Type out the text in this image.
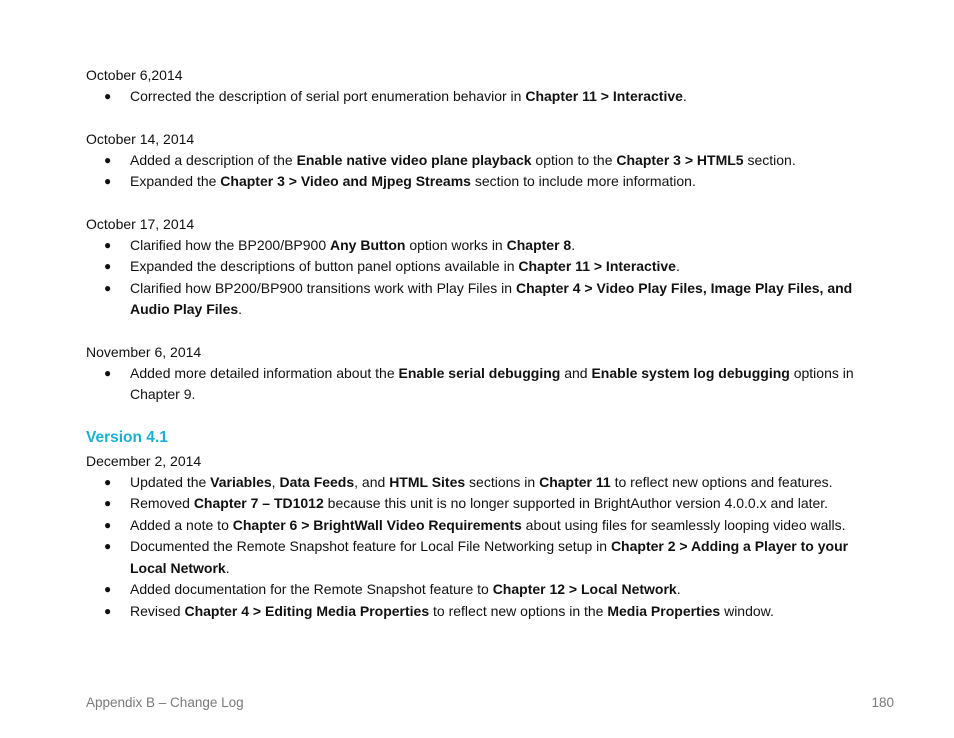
October 6,2014
● Corrected the description of serial port enumeration behavior in Chapter 11 > Interactive.
October 14, 2014
● Added a description of the Enable native video plane playback option to the Chapter 3 > HTML5 section.
● Expanded the Chapter 3 > Video and Mjpeg Streams section to include more information.
October 17, 2014
● Clarified how the BP200/BP900 Any Button option works in Chapter 8.
● Expanded the descriptions of button panel options available in Chapter 11 > Interactive.
● Clarified how BP200/BP900 transitions work with Play Files in Chapter 4 > Video Play Files, Image Play Files, and Audio Play Files.
November 6, 2014
● Added more detailed information about the Enable serial debugging and Enable system log debugging options in Chapter 9.
Version 4.1
December 2, 2014
● Updated the Variables, Data Feeds, and HTML Sites sections in Chapter 11 to reflect new options and features.
● Removed Chapter 7 – TD1012 because this unit is no longer supported in BrightAuthor version 4.0.0.x and later.
● Added a note to Chapter 6 > BrightWall Video Requirements about using files for seamlessly looping video walls.
● Documented the Remote Snapshot feature for Local File Networking setup in Chapter 2 > Adding a Player to your Local Network.
● Added documentation for the Remote Snapshot feature to Chapter 12 > Local Network.
● Revised Chapter 4 > Editing Media Properties to reflect new options in the Media Properties window.
Appendix B – Change Log	180
